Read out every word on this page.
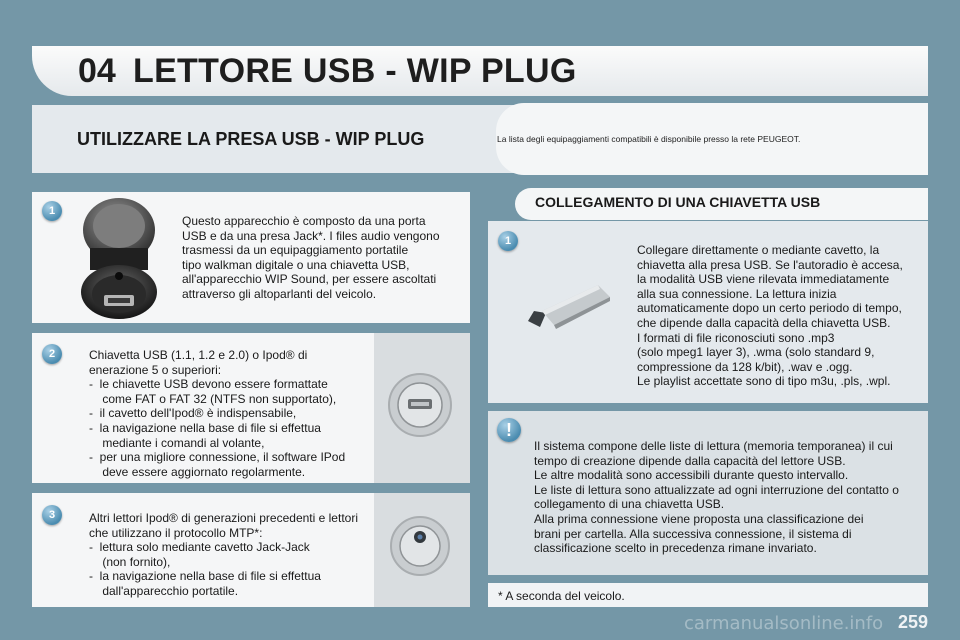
04 LETTORE USB - WIP PLUG
UTILIZZARE LA PRESA USB - WIP PLUG	La lista degli equipaggiamenti compatibili è disponibile presso la rete PEUGEOT.
1
Questo apparecchio è composto da una porta
USB e da una presa Jack*. I files audio vengono
trasmessi da un equipaggiamento portatile
tipo walkman digitale o una chiavetta USB,
all'apparecchio WIP Sound, per essere ascoltati
attraverso gli altoparlanti del veicolo.
2	Chiavetta USB (1.1, 1.2 e 2.0) o Ipod® di
enerazione 5 o superiori:
-  le chiavette USB devono essere formattate
come FAT o FAT 32 (NTFS non supportato),
-  il cavetto dell'Ipod® è indispensabile,
-  la navigazione nella base di file si effettua
mediante i comandi al volante,
-  per una migliore connessione, il software IPod
deve essere aggiornato regolarmente.
3	Altri lettori Ipod® di generazioni precedenti e lettori
che utilizzano il protocollo MTP*:
-  lettura solo mediante cavetto Jack-Jack
(non fornito),
-  la navigazione nella base di file si effettua
dall'apparecchio portatile.
COLLEGAMENTO DI UNA CHIAVETTA USB
1
Collegare direttamente o mediante cavetto, la
chiavetta alla presa USB. Se l'autoradio è accesa,
la modalità USB viene rilevata immediatamente
alla sua connessione. La lettura inizia
automaticamente dopo un certo periodo di tempo,
che dipende dalla capacità della chiavetta USB.
I formati di file riconosciuti sono .mp3
(solo mpeg1 layer 3), .wma (solo standard 9,
compressione da 128 k/bit), .wav e .ogg.
Le playlist accettate sono di tipo m3u, .pls, .wpl.
Il sistema compone delle liste di lettura (memoria temporanea) il cui
tempo di creazione dipende dalla capacità del lettore USB.
Le altre modalità sono accessibili durante questo intervallo.
Le liste di lettura sono attualizzate ad ogni interruzione del contatto o
collegamento di una chiavetta USB.
Alla prima connessione viene proposta una classificazione dei
brani per cartella. Alla successiva connessione, il sistema di
classificazione scelto in precedenza rimane invariato.
!
* A seconda del veicolo.
carmanualsonline.info 259
